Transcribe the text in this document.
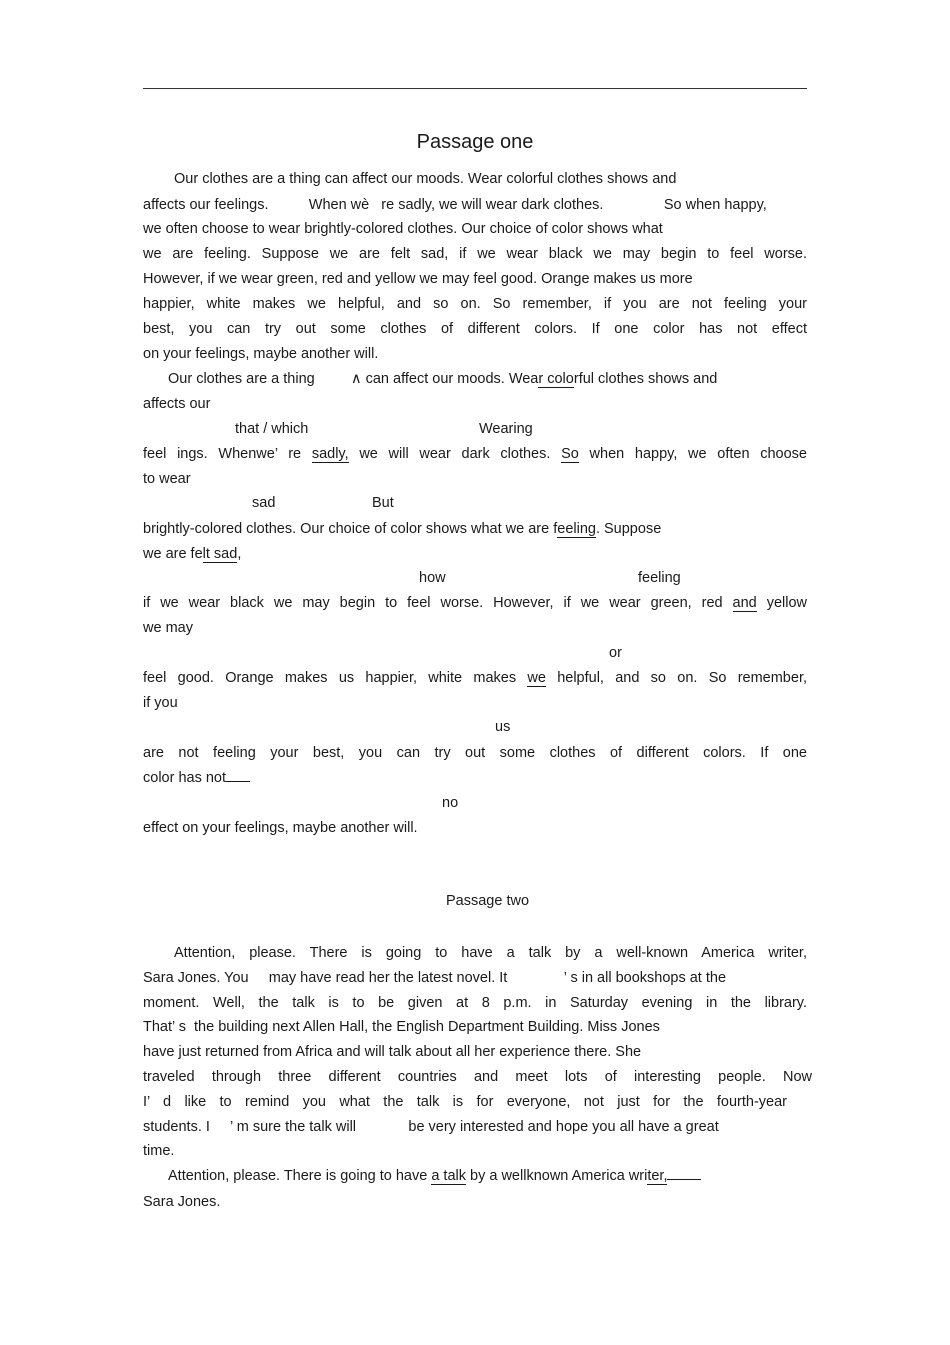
Passage one
Our clothes are a thing can affect our moods. Wear colorful clothes shows and
affects our feelings.          When wè   re sadly, we will wear dark clothes.               So when happy,
we often choose to wear brightly-colored clothes. Our choice of color shows what
we are feeling. Suppose we are felt sad, if we wear black we may begin to feel worse.
However, if we wear green, red and yellow we may feel good. Orange makes us more
happier, white makes we helpful, and so on. So remember, if you are not feeling your
best, you can try out some clothes of different colors. If one color has not effect
on your feelings, maybe another will.
Our clothes are a thing         ∧ can affect our moods. Wear colorful clothes shows and
affects our
that / which	Wearing
feel ings. Whenwe’ re sadly, we will wear dark clothes. So when happy, we often choose
to wear
sad	But
brightly-colored clothes. Our choice of color shows what we are feeling. Suppose
we are felt sad,
how	feeling
if we wear black we may begin to feel worse. However, if we wear green, red and yellow
we may
or
feel good. Orange makes us happier, white makes we helpful, and so on. So remember,
if you
us
are not feeling your best, you can try out some clothes of different colors. If one
color has not
no
effect on your feelings, maybe another will.
Passage two
Attention, please. There is going to have a talk by a well-known America writer,
Sara Jones. You     may have read her the latest novel. It              ’ s in all bookshops at the
moment. Well, the talk is to be given at 8 p.m. in Saturday evening in the library.
That’ s  the building next Allen Hall, the English Department Building. Miss Jones
have just returned from Africa and will talk about all her experience there. She
traveled through three different countries and meet lots of interesting people. Now
I’ d like to remind you what the talk is for everyone, not just for the fourth-year
students. I     ’ m sure the talk will             be very interested and hope you all have a great
time.
Attention, please. There is going to have a talk by a wellknown America writer,
Sara Jones.
